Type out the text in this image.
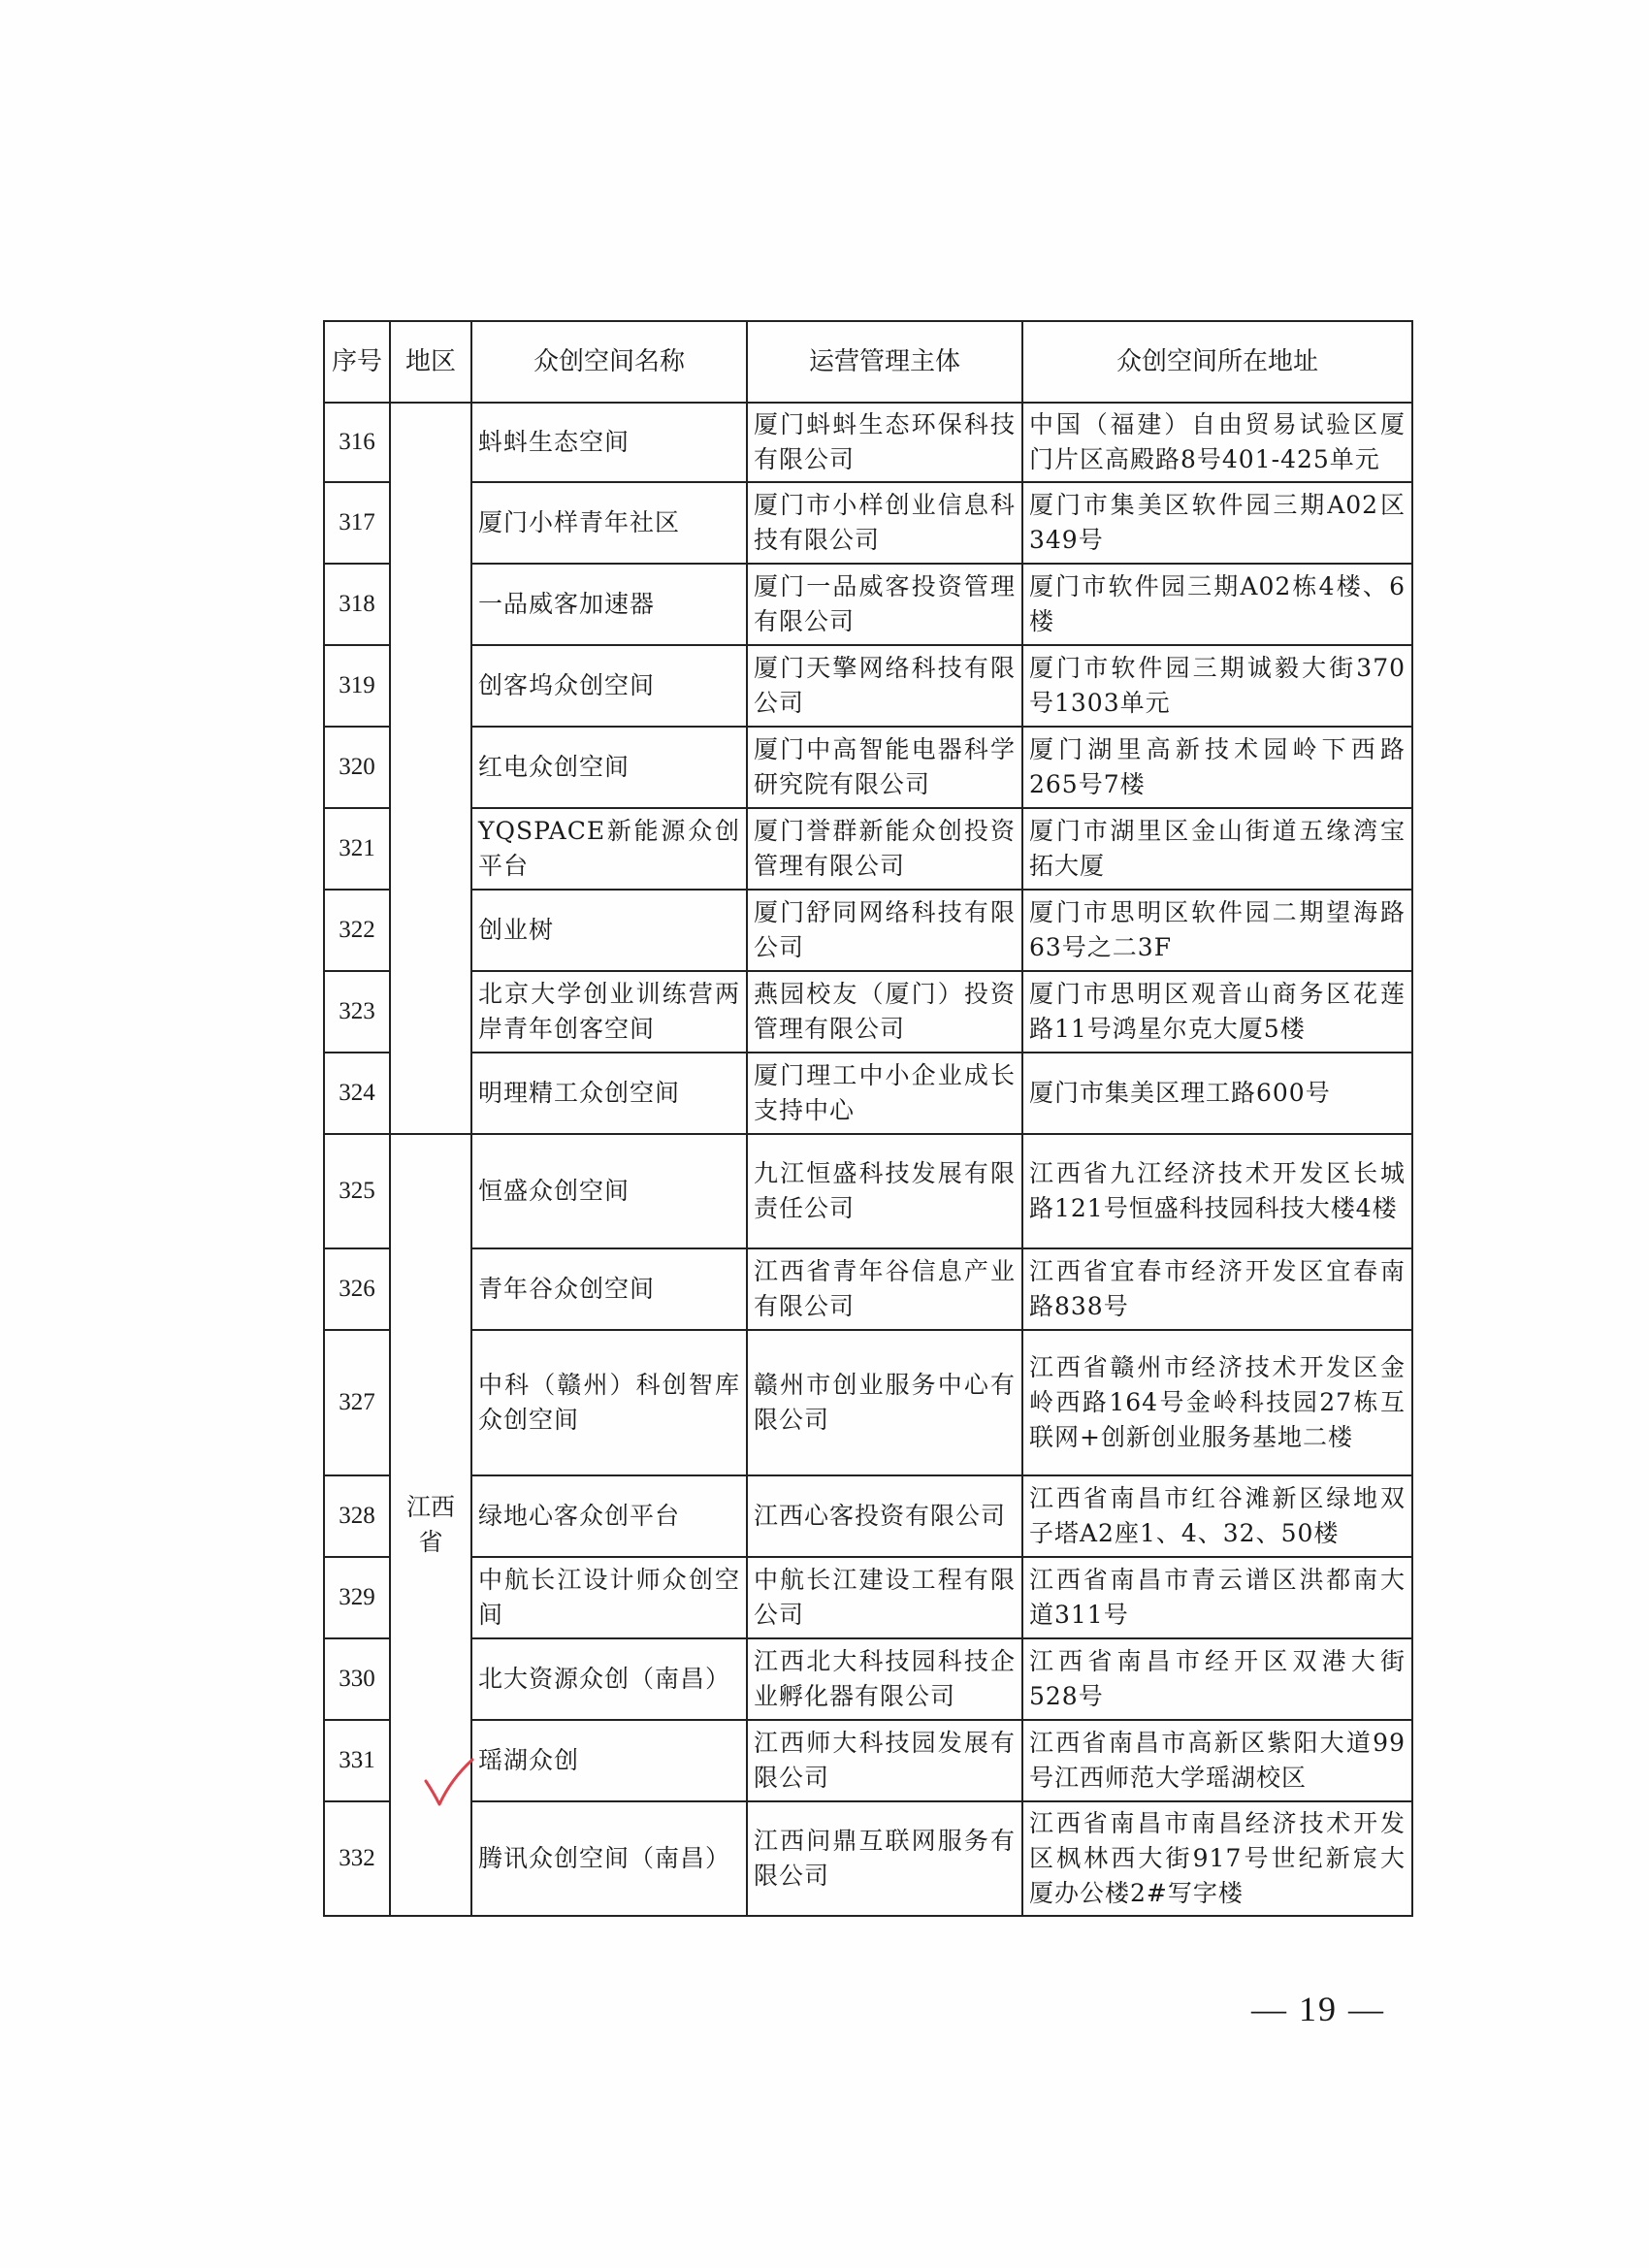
序号	地区	众创空间名称	运营管理主体	众创空间所在地址
316		蚪蚪生态空间	厦门蚪蚪生态环保科技有限公司	中国（福建）自由贸易试验区厦门片区高殿路8号401-425单元
317		厦门小样青年社区	厦门市小样创业信息科技有限公司	厦门市集美区软件园三期A02区349号
318		一品威客加速器	厦门一品威客投资管理有限公司	厦门市软件园三期A02栋4楼、6楼
319		创客坞众创空间	厦门天擎网络科技有限公司	厦门市软件园三期诚毅大街370号1303单元
320		红电众创空间	厦门中高智能电器科学研究院有限公司	厦门湖里高新技术园岭下西路265号7楼
321		YQSPACE新能源众创平台	厦门誉群新能众创投资管理有限公司	厦门市湖里区金山街道五缘湾宝拓大厦
322		创业树	厦门舒同网络科技有限公司	厦门市思明区软件园二期望海路63号之二3F
323		北京大学创业训练营两岸青年创客空间	燕园校友（厦门）投资管理有限公司	厦门市思明区观音山商务区花莲路11号鸿星尔克大厦5楼
324		明理精工众创空间	厦门理工中小企业成长支持中心	厦门市集美区理工路600号
325	江西省	恒盛众创空间	九江恒盛科技发展有限责任公司	江西省九江经济技术开发区长城路121号恒盛科技园科技大楼4楼
326		青年谷众创空间	江西省青年谷信息产业有限公司	江西省宜春市经济开发区宜春南路838号
327		中科（赣州）科创智库众创空间	赣州市创业服务中心有限公司	江西省赣州市经济技术开发区金岭西路164号金岭科技园27栋互联网+创新创业服务基地二楼
328		绿地心客众创平台	江西心客投资有限公司	江西省南昌市红谷滩新区绿地双子塔A2座1、4、32、50楼
329		中航长江设计师众创空间	中航长江建设工程有限公司	江西省南昌市青云谱区洪都南大道311号
330		北大资源众创（南昌）	江西北大科技园科技企业孵化器有限公司	江西省南昌市经开区双港大街528号
331		瑶湖众创	江西师大科技园发展有限公司	江西省南昌市高新区紫阳大道99号江西师范大学瑶湖校区
332		腾讯众创空间（南昌）	江西问鼎互联网服务有限公司	江西省南昌市南昌经济技术开发区枫林西大街917号世纪新宸大厦办公楼2#写字楼
— 19 —
